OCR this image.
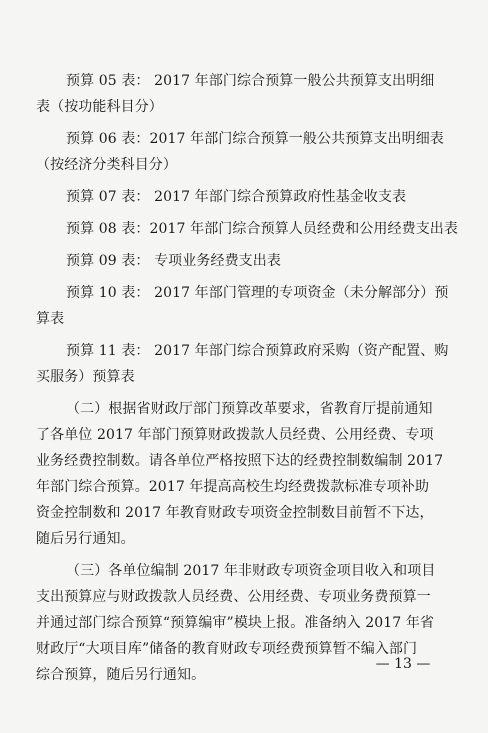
预算 05 表： 2017 年部门综合预算一般公共预算支出明细
表（按功能科目分）
预算 06 表：2017 年部门综合预算一般公共预算支出明细表
（按经济分类科目分）
预算 07 表： 2017 年部门综合预算政府性基金收支表
预算 08 表：2017 年部门综合预算人员经费和公用经费支出表
预算 09 表： 专项业务经费支出表
预算 10 表： 2017 年部门管理的专项资金（未分解部分）预
算表
预算 11 表： 2017 年部门综合预算政府采购（资产配置、购
买服务）预算表
（二）根据省财政厅部门预算改革要求，省教育厅提前通知
了各单位 2017 年部门预算财政拨款人员经费、公用经费、专项
业务经费控制数。请各单位严格按照下达的经费控制数编制 2017
年部门综合预算。2017 年提高高校生均经费拨款标准专项补助
资金控制数和 2017 年教育财政专项资金控制数目前暂不下达，
随后另行通知。
（三）各单位编制 2017 年非财政专项资金项目收入和项目
支出预算应与财政拨款人员经费、公用经费、专项业务费预算一
并通过部门综合预算“预算编审”模块上报。准备纳入 2017 年省
财政厅“大项目库”储备的教育财政专项经费预算暂不编入部门
综合预算，随后另行通知。
— 13 —
